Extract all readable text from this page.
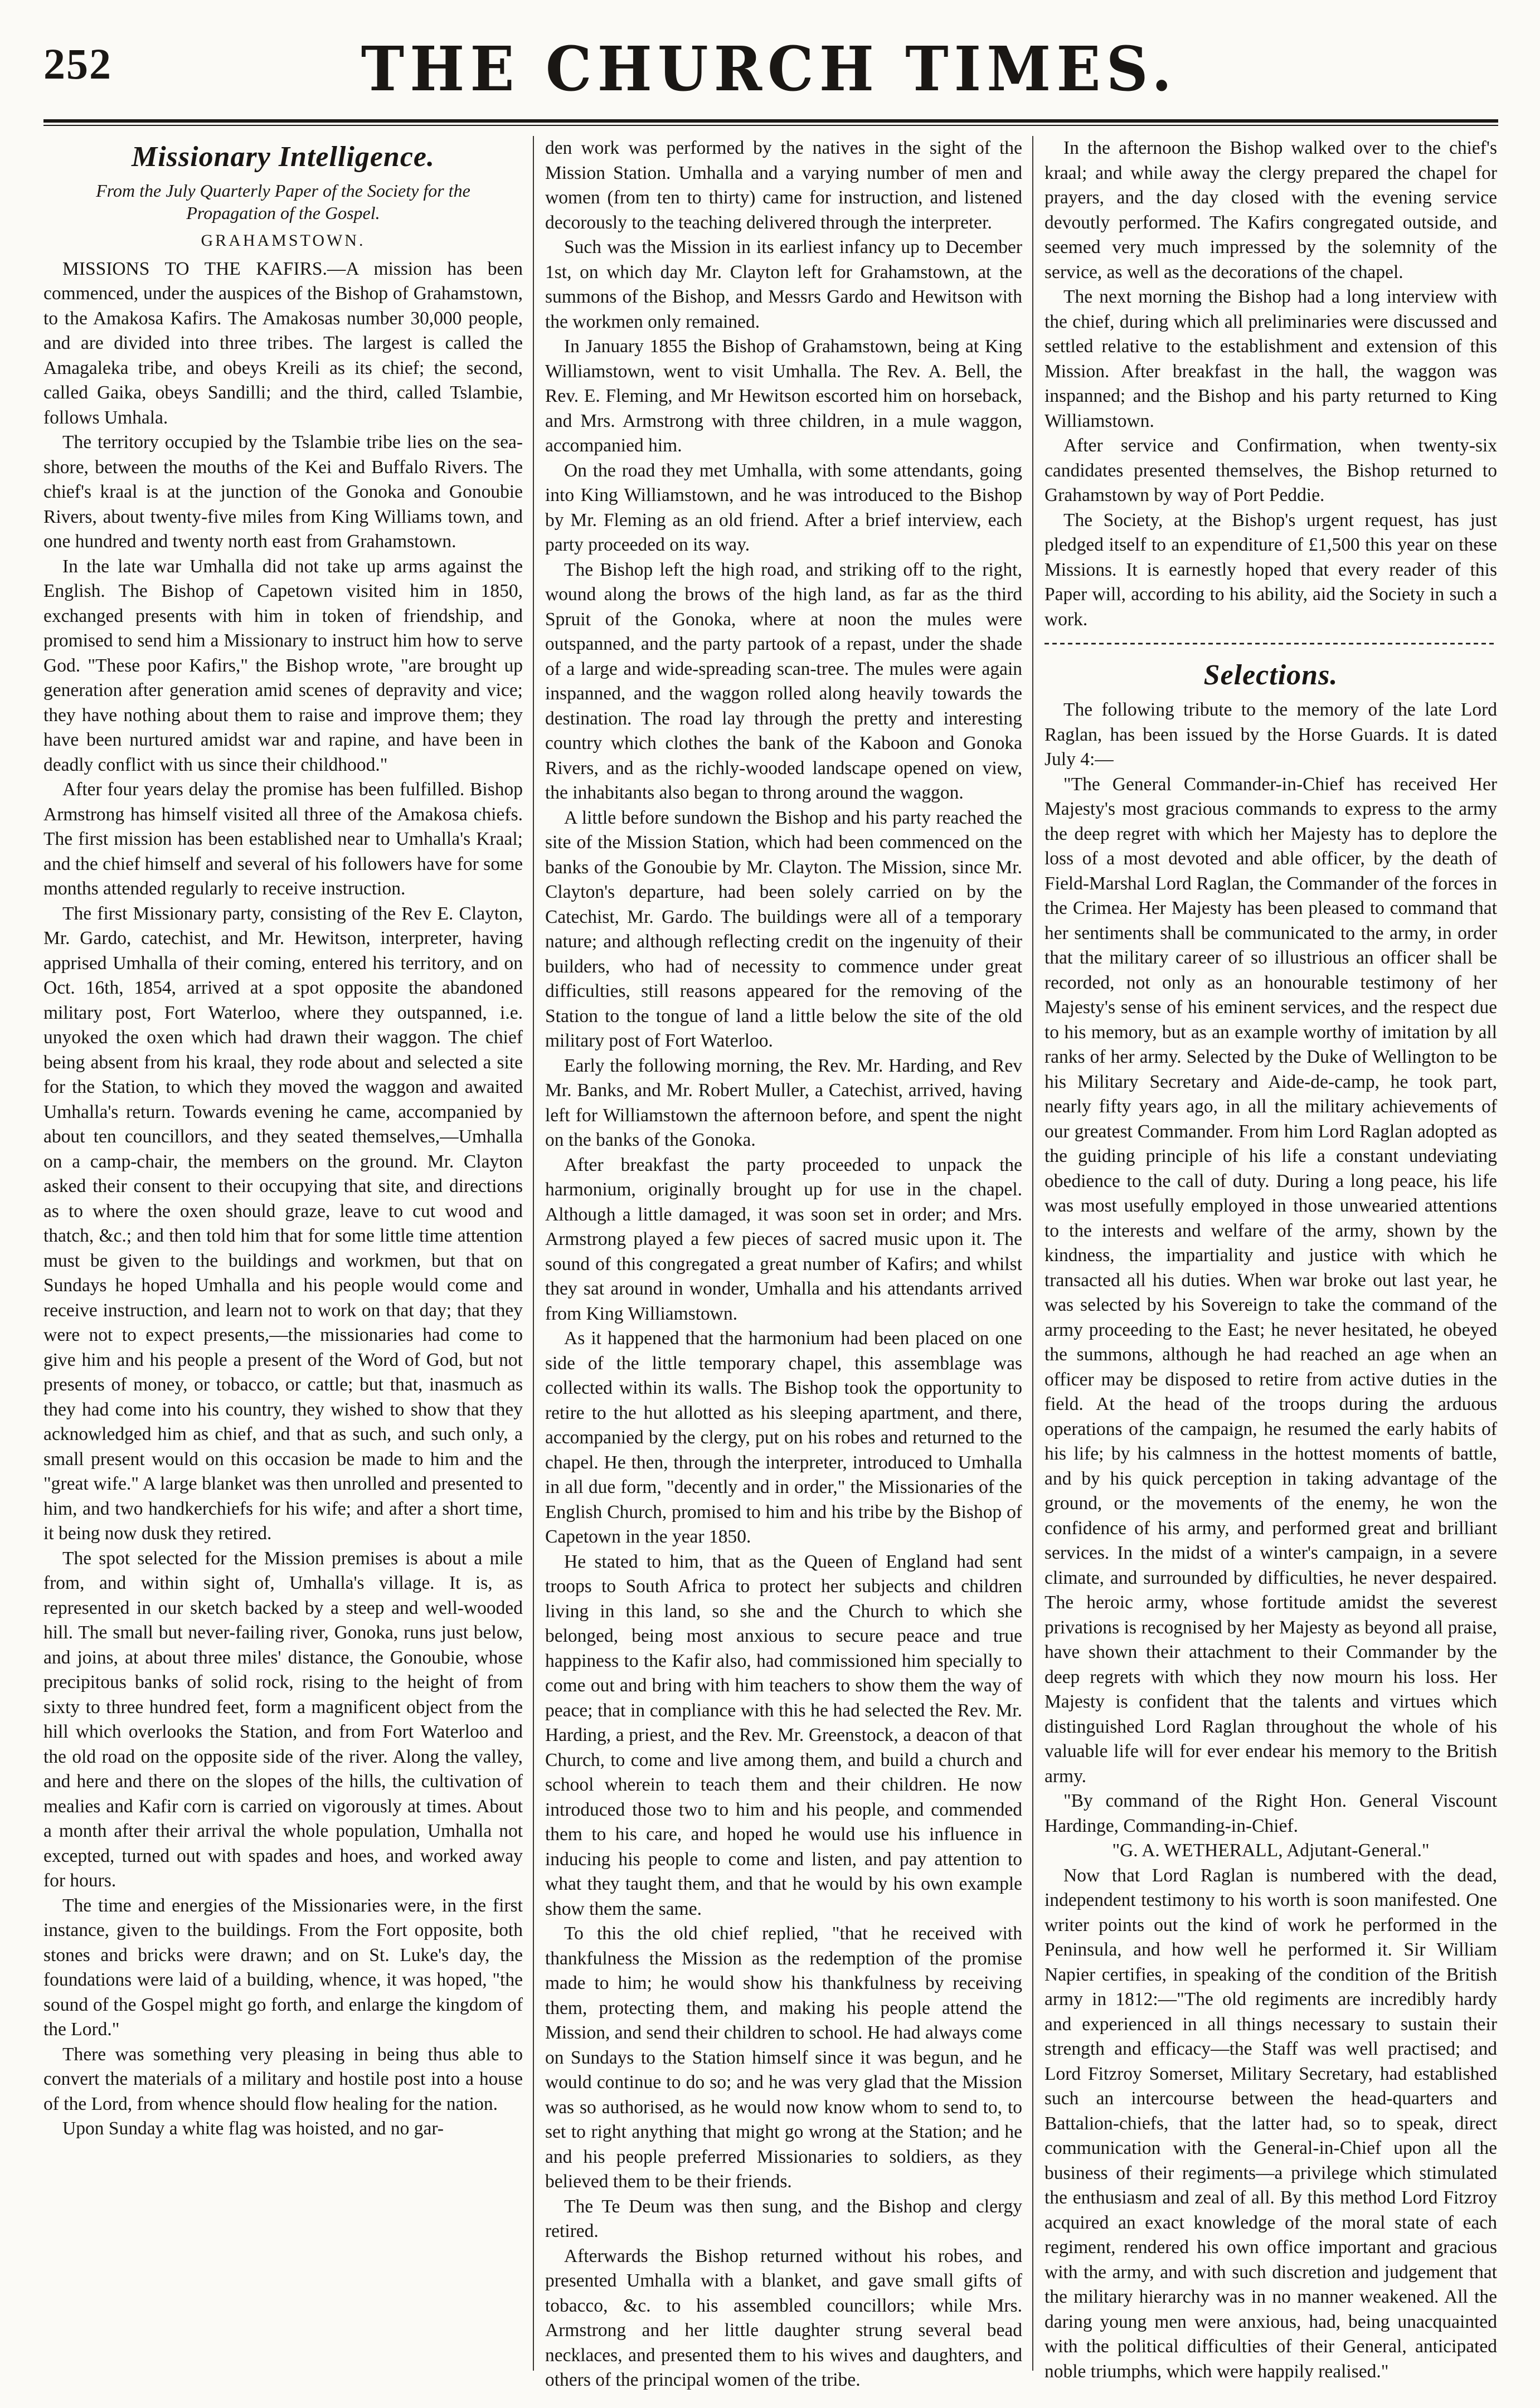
252	THE CHURCH TIMES.
Missionary Intelligence.
From the July Quarterly Paper of the Society for the Propagation of the Gospel.
GRAHAMSTOWN.

MISSIONS TO THE KAFIRS.—A mission has been commenced, under the auspices of the Bishop of Grahamstown, to the Amakosa Kafirs. The Amakosas number 30,000 people, and are divided into three tribes. The largest is called the Amagaleka tribe, and obeys Kreili as its chief; the second, called Gaika, obeys Sandilli; and the third, called Tslambie, follows Umhala.

The territory occupied by the Tslambie tribe lies on the sea-shore, between the mouths of the Kei and Buffalo Rivers. The chief's kraal is at the junction of the Gonoka and Gonoubie Rivers, about twenty-five miles from King Williams town, and one hundred and twenty north east from Grahamstown.

In the late war Umhalla did not take up arms against the English. The Bishop of Capetown visited him in 1850, exchanged presents with him in token of friendship, and promised to send him a Missionary to instruct him how to serve God. "These poor Kafirs," the Bishop wrote, "are brought up generation after generation amid scenes of depravity and vice; they have nothing about them to raise and improve them; they have been nurtured amidst war and rapine, and have been in deadly conflict with us since their childhood."

After four years delay the promise has been fulfilled. Bishop Armstrong has himself visited all three of the Amakosa chiefs. The first mission has been established near to Umhalla's Kraal; and the chief himself and several of his followers have for some months attended regularly to receive instruction.

The first Missionary party, consisting of the Rev E. Clayton, Mr. Gardo, catechist, and Mr. Hewitson, interpreter, having apprised Umhalla of their coming, entered his territory, and on Oct. 16th, 1854, arrived at a spot opposite the abandoned military post, Fort Waterloo, where they outspanned, i.e. unyoked the oxen which had drawn their waggon. The chief being absent from his kraal, they rode about and selected a site for the Station, to which they moved the waggon and awaited Umhalla's return. Towards evening he came, accompanied by about ten councillors, and they seated themselves,—Umhalla on a camp-chair, the members on the ground. Mr. Clayton asked their consent to their occupying that site, and directions as to where the oxen should graze, leave to cut wood and thatch, &c.; and then told him that for some little time attention must be given to the buildings and workmen, but that on Sundays he hoped Umhalla and his people would come and receive instruction, and learn not to work on that day; that they were not to expect presents,—the missionaries had come to give him and his people a present of the Word of God, but not presents of money, or tobacco, or cattle; but that, inasmuch as they had come into his country, they wished to show that they acknowledged him as chief, and that as such, and such only, a small present would on this occasion be made to him and the "great wife." A large blanket was then unrolled and presented to him, and two handkerchiefs for his wife; and after a short time, it being now dusk they retired.

The spot selected for the Mission premises is about a mile from, and within sight of, Umhalla's village. It is, as represented in our sketch backed by a steep and well-wooded hill. The small but never-failing river, Gonoka, runs just below, and joins, at about three miles' distance, the Gonoubie, whose precipitous banks of solid rock, rising to the height of from sixty to three hundred feet, form a magnificent object from the hill which overlooks the Station, and from Fort Waterloo and the old road on the opposite side of the river. Along the valley, and here and there on the slopes of the hills, the cultivation of mealies and Kafir corn is carried on vigorously at times. About a month after their arrival the whole population, Umhalla not excepted, turned out with spades and hoes, and worked away for hours.

The time and energies of the Missionaries were, in the first instance, given to the buildings. From the Fort opposite, both stones and bricks were drawn; and on St. Luke's day, the foundations were laid of a building, whence, it was hoped, "the sound of the Gospel might go forth, and enlarge the kingdom of the Lord."

There was something very pleasing in being thus able to convert the materials of a military and hostile post into a house of the Lord, from whence should flow healing for the nation.

Upon Sunday a white flag was hoisted, and no gar-

den work was performed by the natives in the sight of the Mission Station. Umhalla and a varying number of men and women (from ten to thirty) came for instruction, and listened decorously to the teaching delivered through the interpreter.

Such was the Mission in its earliest infancy up to December 1st, on which day Mr. Clayton left for Grahamstown, at the summons of the Bishop, and Messrs Gardo and Hewitson with the workmen only remained.

In January 1855 the Bishop of Grahamstown, being at King Williamstown, went to visit Umhalla. The Rev. A. Bell, the Rev. E. Fleming, and Mr Hewitson escorted him on horseback, and Mrs. Armstrong with three children, in a mule waggon, accompanied him.

On the road they met Umhalla, with some attendants, going into King Williamstown, and he was introduced to the Bishop by Mr. Fleming as an old friend. After a brief interview, each party proceeded on its way.

The Bishop left the high road, and striking off to the right, wound along the brows of the high land, as far as the third Spruit of the Gonoka, where at noon the mules were outspanned, and the party partook of a repast, under the shade of a large and wide-spreading scan-tree. The mules were again inspanned, and the waggon rolled along heavily towards the destination. The road lay through the pretty and interesting country which clothes the bank of the Kaboon and Gonoka Rivers, and as the richly-wooded landscape opened on view, the inhabitants also began to throng around the waggon.

A little before sundown the Bishop and his party reached the site of the Mission Station, which had been commenced on the banks of the Gonoubie by Mr. Clayton. The Mission, since Mr. Clayton's departure, had been solely carried on by the Catechist, Mr. Gardo. The buildings were all of a temporary nature; and although reflecting credit on the ingenuity of their builders, who had of necessity to commence under great difficulties, still reasons appeared for the removing of the Station to the tongue of land a little below the site of the old military post of Fort Waterloo.

Early the following morning, the Rev. Mr. Harding, and Rev Mr. Banks, and Mr. Robert Muller, a Catechist, arrived, having left for Williamstown the afternoon before, and spent the night on the banks of the Gonoka.

After breakfast the party proceeded to unpack the harmonium, originally brought up for use in the chapel. Although a little damaged, it was soon set in order; and Mrs. Armstrong played a few pieces of sacred music upon it. The sound of this congregated a great number of Kafirs; and whilst they sat around in wonder, Umhalla and his attendants arrived from King Williamstown.

As it happened that the harmonium had been placed on one side of the little temporary chapel, this assemblage was collected within its walls. The Bishop took the opportunity to retire to the hut allotted as his sleeping apartment, and there, accompanied by the clergy, put on his robes and returned to the chapel. He then, through the interpreter, introduced to Umhalla in all due form, "decently and in order," the Missionaries of the English Church, promised to him and his tribe by the Bishop of Capetown in the year 1850.

He stated to him, that as the Queen of England had sent troops to South Africa to protect her subjects and children living in this land, so she and the Church to which she belonged, being most anxious to secure peace and true happiness to the Kafir also, had commissioned him specially to come out and bring with him teachers to show them the way of peace; that in compliance with this he had selected the Rev. Mr. Harding, a priest, and the Rev. Mr. Greenstock, a deacon of that Church, to come and live among them, and build a church and school wherein to teach them and their children. He now introduced those two to him and his people, and commended them to his care, and hoped he would use his influence in inducing his people to come and listen, and pay attention to what they taught them, and that he would by his own example show them the same.

To this the old chief replied, "that he received with thankfulness the Mission as the redemption of the promise made to him; he would show his thankfulness by receiving them, protecting them, and making his people attend the Mission, and send their children to school. He had always come on Sundays to the Station himself since it was begun, and he would continue to do so; and he was very glad that the Mission was so authorised, as he would now know whom to send to, to set to right anything that might go wrong at the Station; and he and his people preferred Missionaries to soldiers, as they believed them to be their friends.

The Te Deum was then sung, and the Bishop and clergy retired.

Afterwards the Bishop returned without his robes, and presented Umhalla with a blanket, and gave small gifts of tobacco, &c. to his assembled councillors; while Mrs. Armstrong and her little daughter strung several bead necklaces, and presented them to his wives and daughters, and others of the principal women of the tribe.

In the afternoon the Bishop walked over to the chief's kraal; and while away the clergy prepared the chapel for prayers, and the day closed with the evening service devoutly performed. The Kafirs congregated outside, and seemed very much impressed by the solemnity of the service, as well as the decorations of the chapel.

The next morning the Bishop had a long interview with the chief, during which all preliminaries were discussed and settled relative to the establishment and extension of this Mission. After breakfast in the hall, the waggon was inspanned; and the Bishop and his party returned to King Williamstown.

After service and Confirmation, when twenty-six candidates presented themselves, the Bishop returned to Grahamstown by way of Port Peddie.

The Society, at the Bishop's urgent request, has just pledged itself to an expenditure of £1,500 this year on these Missions. It is earnestly hoped that every reader of this Paper will, according to his ability, aid the Society in such a work.

Selections.

The following tribute to the memory of the late Lord Raglan, has been issued by the Horse Guards. It is dated July 4:—

"The General Commander-in-Chief has received Her Majesty's most gracious commands to express to the army the deep regret with which her Majesty has to deplore the loss of a most devoted and able officer, by the death of Field-Marshal Lord Raglan, the Commander of the forces in the Crimea. Her Majesty has been pleased to command that her sentiments shall be communicated to the army, in order that the military career of so illustrious an officer shall be recorded, not only as an honourable testimony of her Majesty's sense of his eminent services, and the respect due to his memory, but as an example worthy of imitation by all ranks of her army. Selected by the Duke of Wellington to be his Military Secretary and Aide-de-camp, he took part, nearly fifty years ago, in all the military achievements of our greatest Commander. From him Lord Raglan adopted as the guiding principle of his life a constant undeviating obedience to the call of duty. During a long peace, his life was most usefully employed in those unwearied attentions to the interests and welfare of the army, shown by the kindness, the impartiality and justice with which he transacted all his duties. When war broke out last year, he was selected by his Sovereign to take the command of the army proceeding to the East; he never hesitated, he obeyed the summons, although he had reached an age when an officer may be disposed to retire from active duties in the field. At the head of the troops during the arduous operations of the campaign, he resumed the early habits of his life; by his calmness in the hottest moments of battle, and by his quick perception in taking advantage of the ground, or the movements of the enemy, he won the confidence of his army, and performed great and brilliant services. In the midst of a winter's campaign, in a severe climate, and surrounded by difficulties, he never despaired. The heroic army, whose fortitude amidst the severest privations is recognised by her Majesty as beyond all praise, have shown their attachment to their Commander by the deep regrets with which they now mourn his loss. Her Majesty is confident that the talents and virtues which distinguished Lord Raglan throughout the whole of his valuable life will for ever endear his memory to the British army.

"By command of the Right Hon. General Viscount Hardinge, Commanding-in-Chief.

"G. A. WETHERALL, Adjutant-General."

Now that Lord Raglan is numbered with the dead, independent testimony to his worth is soon manifested. One writer points out the kind of work he performed in the Peninsula, and how well he performed it. Sir William Napier certifies, in speaking of the condition of the British army in 1812:—"The old regiments are incredibly hardy and experienced in all things necessary to sustain their strength and efficacy—the Staff was well practised; and Lord Fitzroy Somerset, Military Secretary, had established such an intercourse between the head-quarters and Battalion-chiefs, that the latter had, so to speak, direct communication with the General-in-Chief upon all the business of their regiments—a privilege which stimulated the enthusiasm and zeal of all. By this method Lord Fitzroy acquired an exact knowledge of the moral state of each regiment, rendered his own office important and gracious with the army, and with such discretion and judgement that the military hierarchy was in no manner weakened. All the daring young men were anxious, had, being unacquainted with the political difficulties of their General, anticipated noble triumphs, which were happily realised."
